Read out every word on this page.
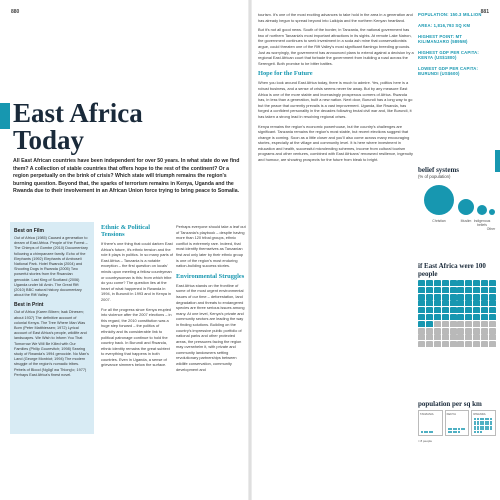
880	881
East Africa
Today

All East African countries have been independent for over 50 years. In what state do we find them? A collection of stable countries that offers hope to the rest of the continent? Or a region perpetually on the brink of crisis? Which state will triumph remains the region's burning question. Beyond that, the sparks of terrorism remains in Kenya, Uganda and the Rwanda due to their involvement in an African Union force trying to bring peace to Somalia.

Best on Film

Out of Africa (1985) Caused a generation to dream of East Africa. People of the Forest – The Chimps of Gombe (2010) Documentary following a chimpanzee family. Echo of the Elephants (1992) Elephants of Amboseli National Park. Hotel Rwanda (2004) and Shooting Dogs in Rwanda (2005) Two powerful stories from the Rwandan genocide. Last King of Scotland (2006) Uganda under Idi Amin. The Great Rift (2010) BBC natural history documentary about the Rift Valley.

Best in Print

Out of Africa (Karen Blixen; Isak Dinesen; about 1937) The definitive account of colonial Kenya. The Tree Where Man Was Born (Peter Matthiessen; 1972) Lyrical account of East Africa's people, wildlife and landscapes. We Wish to Inform You That Tomorrow We Will Be Killed with Our Families (Philip Gourevitch; 1998) Searing study of Rwanda's 1994 genocide. No Man's Land (George Monbiot; 1994) The modern struggle of the region's nomadic tribes. Pebels of Blood (Ngũgĩ wa Thiong'o; 1977) Perhaps East Africa's finest novel.

Ethnic & Political Tensions

If there's one thing that could darken East Africa's future, it's ethnic tension and the role it plays in politics. In so many parts of East Africa – Tanzania is a notable exception – the first question on locals' minds upon meeting a fellow countryman or countrywoman is this: from which tribe do you come? The question lies at the heart of what happened in Rwanda in 1994, in Burundi in 1993 and in Kenya in 2007.

For all the progress since Kenya erupted into violence after the 2007 elections – in this regard, the 2010 constitution was a huge step forward – the politics of ethnicity and its considerable link to political patronage continue to hold the country back. In Burundi and Rwanda, ethnic identity remains the great subtext to everything that happens in both countries. Even in Uganda, a sense of grievance simmers below the surface.

Perhaps everyone should take a leaf out of Tanzania's playbook – despite having more than 120 tribal groups, ethnic conflict is extremely rare. Indeed, that most identify themselves as Tanzanian first and only later by their ethnic group is one of the region's most enduring nation-building success stories.

Environmental Struggles

East Africa stands on the frontline of some of the most urgent environmental issues of our time – deforestation, land degradation and threats to endangered species are three serious issues among many. At one level, Kenya's private and community sectors are leading the way in finding solutions. Building on the country's impressive public portfolio of national parks and other protected areas, the pressures facing the region may overwhelm it, with private and community landowners setting revolutionary partnerships between wildlife conservation, community development and

tourism. It's one of the most exciting advances to take hold in the area in a generation and has already begun to spread beyond into Laikipia and the northern Kenyan heartland.

But it's not all good news. South of the border, in Tanzania, the national government has two of northern Tanzania's most important attractions in its sights. At remote Lake Natron, the government continues to seek investment in a soda ash mine that conservationists argue, could threaten one of the Rift Valley's most significant flamingo breeding grounds. Just as worryingly, the government has announced plans to extend against a decision by a regional East African court that forbade the government from building a road across the Serengeti. Both promise to be bitter battles.

Hope for the Future

When you look around East Africa today, there is much to admire. Yes, politics here is a robust business, and a sense of crisis seems never far away. But by any measure East Africa is one of the more stable and increasingly prosperous corners of Africa. Rwanda has, in less than a generation, built a new nation. Next door, Burundi has a long way to go but the peace that currently prevails is a vast improvement. Uganda, like Rwanda, has forged a confident personality in the decades following brutal civil war and, like Burundi, it has taken a strong lead in resolving regional crises.

Kenya remains the region's economic powerhouse, but the country's challenges are significant. Tanzania remains the region's most stable, but recent elections suggest that change is coming. Soon as a little closer and you'll also come across many encouraging stories, especially at the village and community level. It is here where investment in education and health, successful microlending schemes, income from cultural tourism programs and other ventures, combined with East Africans' renowned resilience, ingenuity and humour, are showing prospects for the future from bleak to bright.

POPULATION: 150.3 MILLION
AREA: 1,816,793 SQ KM
HIGHEST POINT: MT
KILIMANJARO (5895M)
HIGHEST GDP PER CAPITA:
KENYA (US$1800)
LOWEST GDP PER CAPITA:
BURUNDI (US$600)
belief systems
(% of population)
Christian	Muslim Indigenous beliefs
Other
if East Africa were 100 people
population per sq km
TANZANIA	KENYA	RWANDA
≈ 8 people
